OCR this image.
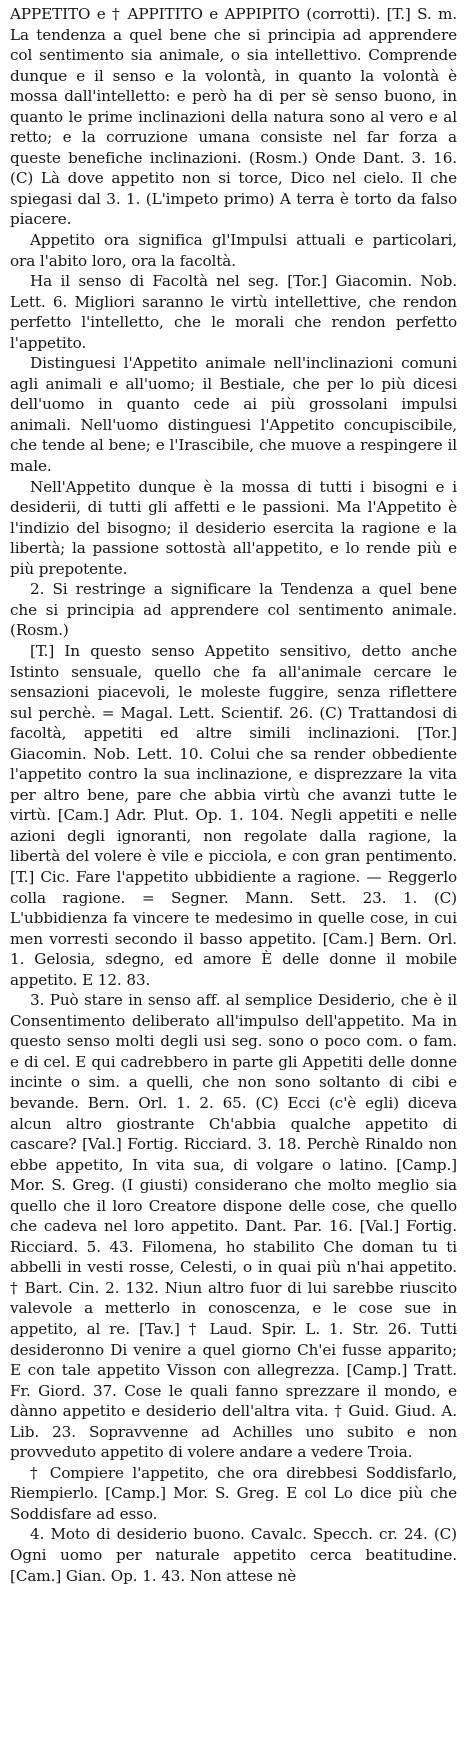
APPETITO e † APPITITO e APPIPITO (corrotti). [T.] S. m. La tendenza a quel bene che si principia ad apprendere col sentimento sia animale, o sia intellettivo. Comprende dunque e il senso e la volontà, in quanto la volontà è mossa dall'intelletto: e però ha di per sè senso buono, in quanto le prime inclinazioni della natura sono al vero e al retto; e la corruzione umana consiste nel far forza a queste benefiche inclinazioni. (Rosm.) Onde Dant. 3. 16. (C) Là dove appetito non si torce, Dico nel cielo. Il che spiegasi dal 3. 1. (L'impeto primo) A terra è torto da falso piacere.

Appetito ora significa gl'Impulsi attuali e particolari, ora l'abito loro, ora la facoltà.

Ha il senso di Facoltà nel seg. [Tor.] Giacomin. Nob. Lett. 6. Migliori saranno le virtù intellettive, che rendon perfetto l'intelletto, che le morali che rendon perfetto l'appetito.

Distinguesi l'Appetito animale nell'inclinazioni comuni agli animali e all'uomo; il Bestiale, che per lo più dicesi dell'uomo in quanto cede ai più grossolani impulsi animali. Nell'uomo distinguesi l'Appetito concupiscibile, che tende al bene; e l'Irascibile, che muove a respingere il male.

Nell'Appetito dunque è la mossa di tutti i bisogni e i desiderii, di tutti gli affetti e le passioni. Ma l'Appetito è l'indizio del bisogno; il desiderio esercita la ragione e la libertà; la passione sottostà all'appetito, e lo rende più e più prepotente.

2. Si restringe a significare la Tendenza a quel bene che si principia ad apprendere col sentimento animale. (Rosm.)

[T.] In questo senso Appetito sensitivo, detto anche Istinto sensuale, quello che fa all'animale cercare le sensazioni piacevoli, le moleste fuggire, senza riflettere sul perchè. = Magal. Lett. Scientif. 26. (C) Trattandosi di facoltà, appetiti ed altre simili inclinazioni. [Tor.] Giacomin. Nob. Lett. 10. Colui che sa render obbediente l'appetito contro la sua inclinazione, e disprezzare la vita per altro bene, pare che abbia virtù che avanzi tutte le virtù. [Cam.] Adr. Plut. Op. 1. 104. Negli appetiti e nelle azioni degli ignoranti, non regolate dalla ragione, la libertà del volere è vile e picciola, e con gran pentimento. [T.] Cic. Fare l'appetito ubbidiente a ragione. — Reggerlo colla ragione. = Segner. Mann. Sett. 23. 1. (C) L'ubbidienza fa vincere te medesimo in quelle cose, in cui men vorresti secondo il basso appetito. [Cam.] Bern. Orl. 1. Gelosia, sdegno, ed amore È delle donne il mobile appetito. E 12. 83.

3. Può stare in senso aff. al semplice Desiderio, che è il Consentimento deliberato all'impulso dell'appetito. Ma in questo senso molti degli usi seg. sono o poco com. o fam. e di cel. E qui cadrebbero in parte gli Appetiti delle donne incinte o sim. a quelli, che non sono soltanto di cibi e bevande. Bern. Orl. 1. 2. 65. (C) Ecci (c'è egli) diceva alcun altro giostrante Ch'abbia qualche appetito di cascare? [Val.] Fortig. Ricciard. 3. 18. Perchè Rinaldo non ebbe appetito, In vita sua, di volgare o latino. [Camp.] Mor. S. Greg. (I giusti) considerano che molto meglio sia quello che il loro Creatore dispone delle cose, che quello che cadeva nel loro appetito. Dant. Par. 16. [Val.] Fortig. Ricciard. 5. 43. Filomena, ho stabilito Che doman tu ti abbelli in vesti rosse, Celesti, o in quai più n'hai appetito. † Bart. Cin. 2. 132. Niun altro fuor di lui sarebbe riuscito valevole a metterlo in conoscenza, e le cose sue in appetito, al re. [Tav.] † Laud. Spir. L. 1. Str. 26. Tutti desideronno Di venire a quel giorno Ch'ei fusse apparito; E con tale appetito Visson con allegrezza. [Camp.] Tratt. Fr. Giord. 37. Cose le quali fanno sprezzare il mondo, e dànno appetito e desiderio dell'altra vita. † Guid. Giud. A. Lib. 23. Sopravvenne ad Achilles uno subito e non provveduto appetito di volere andare a vedere Troia.

† Compiere l'appetito, che ora direbbesi Soddisfarlo, Riempierlo. [Camp.] Mor. S. Greg. E col Lo dice più che Soddisfare ad esso.

4. Moto di desiderio buono. Cavalc. Specch. cr. 24. (C) Ogni uomo per naturale appetito cerca beatitudine. [Cam.] Gian. Op. 1. 43. Non attese nè
